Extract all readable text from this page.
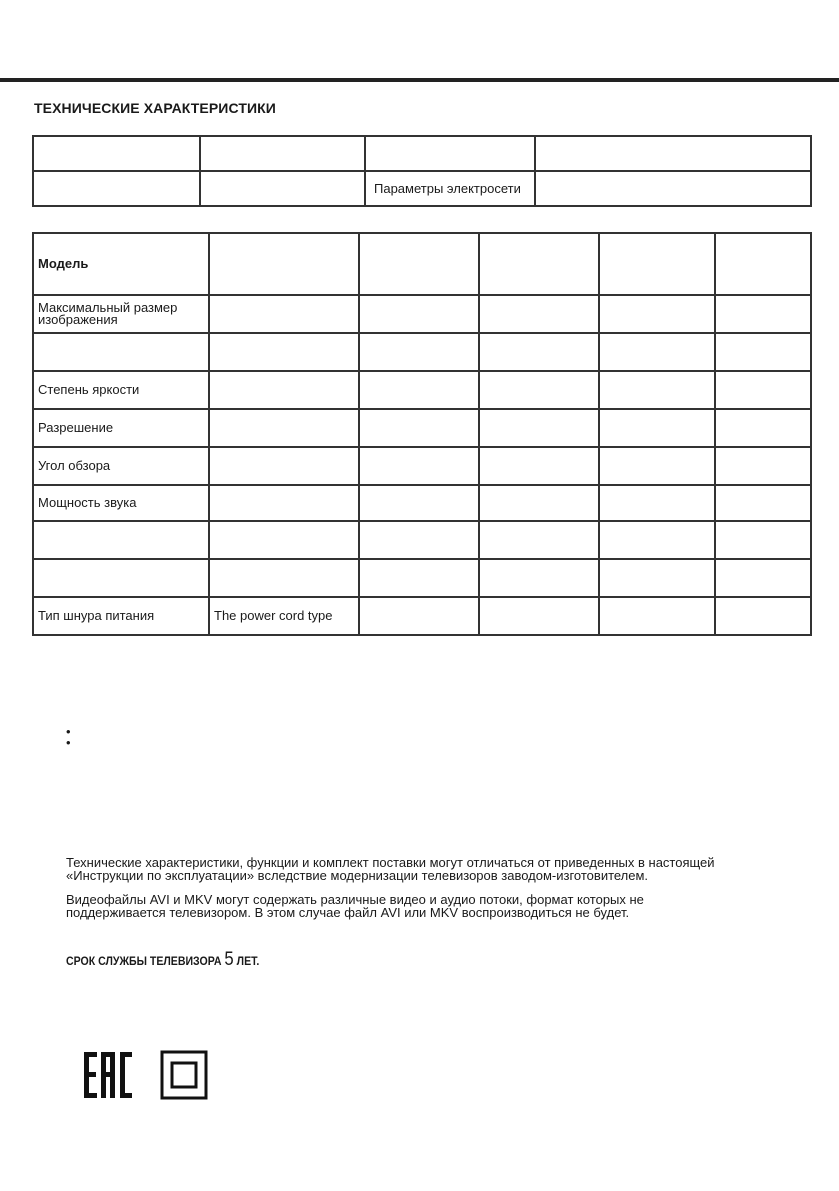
ТЕХНИЧЕСКИЕ ХАРАКТЕРИСТИКИ

		Параметры электросети	
Модель					
Максимальный размер изображения					

Степень яркости					
Разрешение					
Угол обзора					
Мощность звука					

Тип шнура питания	The power cord type				
•
•

Технические характеристики, функции и комплект поставки могут отличаться от приведенных в настоящей «Инструкции по эксплуатации» вследствие модернизации телевизоров заводом-изготовителем.

Видеофайлы AVI и MKV могут содержать различные видео и аудио потоки, формат которых не поддерживается телевизором. В этом случае файл AVI или MKV воспроизводиться не будет.

СРОК СЛУЖБЫ ТЕЛЕВИЗОРА 5 ЛЕТ.
